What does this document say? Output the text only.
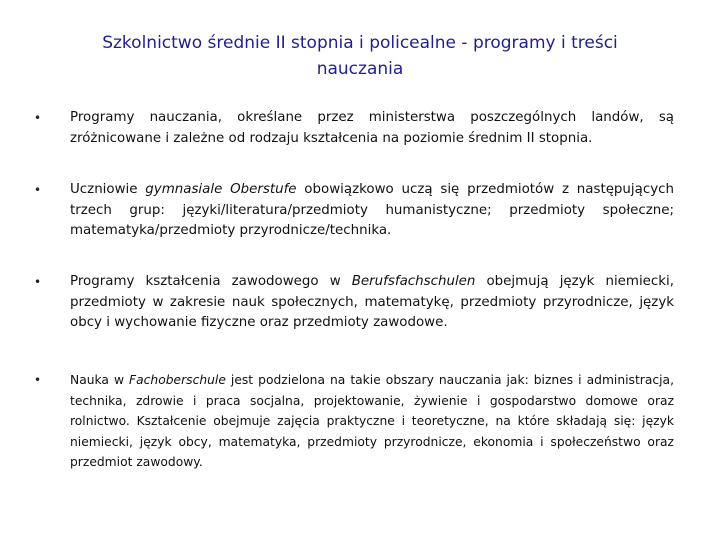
Szkolnictwo średnie II stopnia i policealne - programy i treści nauczania
• Programy nauczania, określane przez ministerstwa poszczególnych landów, są zróżnicowane i zależne od rodzaju kształcenia na poziomie średnim II stopnia.
• Uczniowie gymnasiale Oberstufe obowiązkowo uczą się przedmiotów z następujących trzech grup: języki/literatura/przedmioty humanistyczne; przedmioty społeczne; matematyka/przedmioty przyrodnicze/technika.
• Programy kształcenia zawodowego w Berufsfachschulen obejmują język niemiecki, przedmioty w zakresie nauk społecznych, matematykę, przedmioty przyrodnicze, język obcy i wychowanie fizyczne oraz przedmioty zawodowe.
• Nauka w Fachoberschule jest podzielona na takie obszary nauczania jak: biznes i administracja, technika, zdrowie i praca socjalna, projektowanie, żywienie i gospodarstwo domowe oraz rolnictwo. Kształcenie obejmuje zajęcia praktyczne i teoretyczne, na które składają się: język niemiecki, język obcy, matematyka, przedmioty przyrodnicze, ekonomia i społeczeństwo oraz przedmiot zawodowy.
